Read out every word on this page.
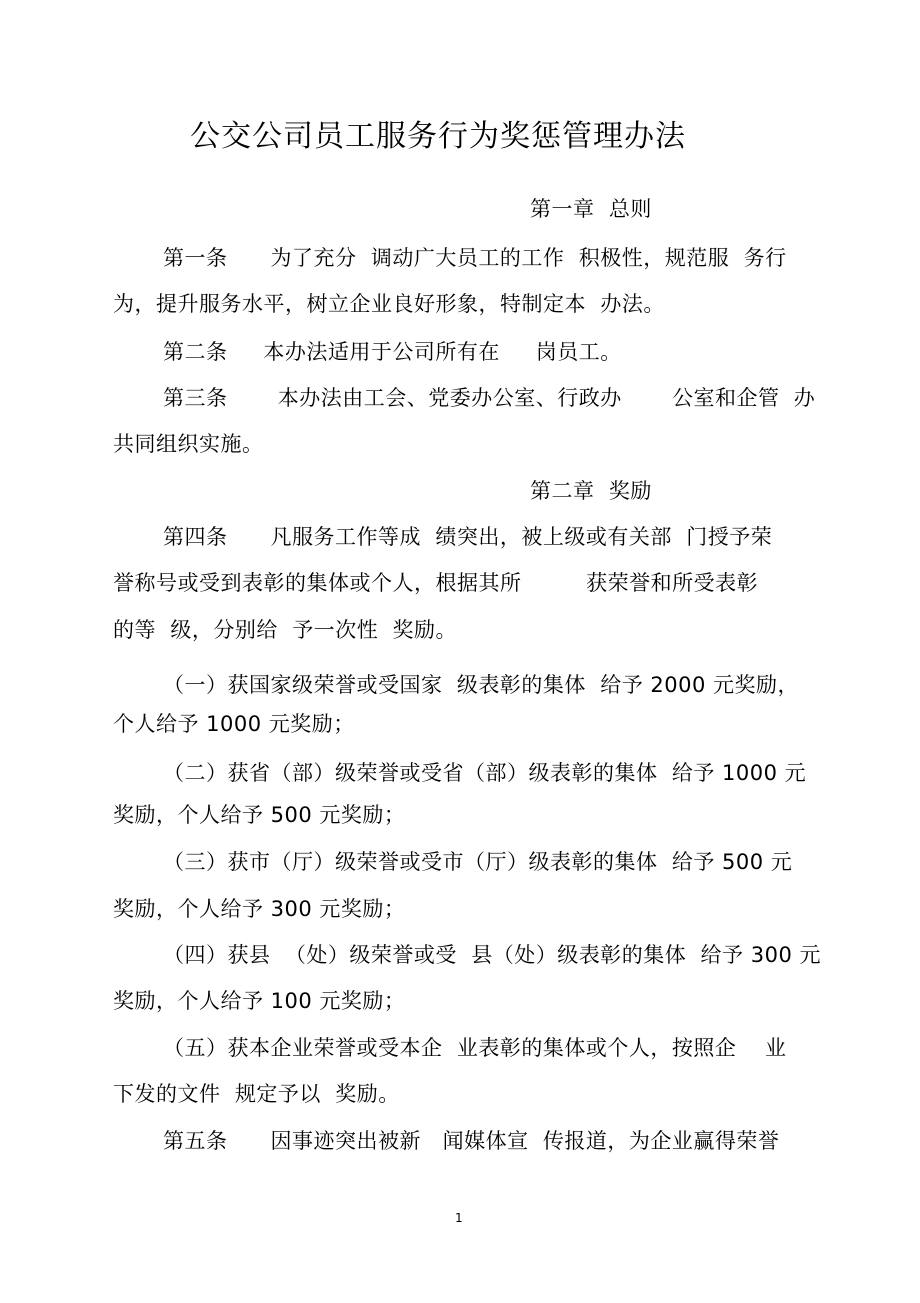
公交公司员工服务行为奖惩管理办法
第一章  总则
第一条      为了充分  调动广大员工的工作  积极性，规范服  务行
为，提升服务水平，树立企业良好形象，特制定本  办法。
第二条     本办法适用于公司所有在     岗员工。
第三条       本办法由工会、党委办公室、行政办       公室和企管  办
共同组织实施。
第二章  奖励
第四条      凡服务工作等成  绩突出，被上级或有关部  门授予荣
誉称号或受到表彰的集体或个人，根据其所         获荣誉和所受表彰
的等  级，分别给  予一次性  奖励。
（一）获国家级荣誉或受国家  级表彰的集体  给予 2000 元奖励，
个人给予 1000 元奖励；
（二）获省（部）级荣誉或受省（部）级表彰的集体  给予 1000 元
奖励，个人给予 500 元奖励；
（三）获市（厅）级荣誉或受市（厅）级表彰的集体  给予 500 元
奖励，个人给予 300 元奖励；
（四）获县  （处）级荣誉或受  县（处）级表彰的集体  给予 300 元
奖励，个人给予 100 元奖励；
（五）获本企业荣誉或受本企  业表彰的集体或个人，按照企    业
下发的文件  规定予以  奖励。
第五条      因事迹突出被新   闻媒体宣  传报道，为企业赢得荣誉
1
